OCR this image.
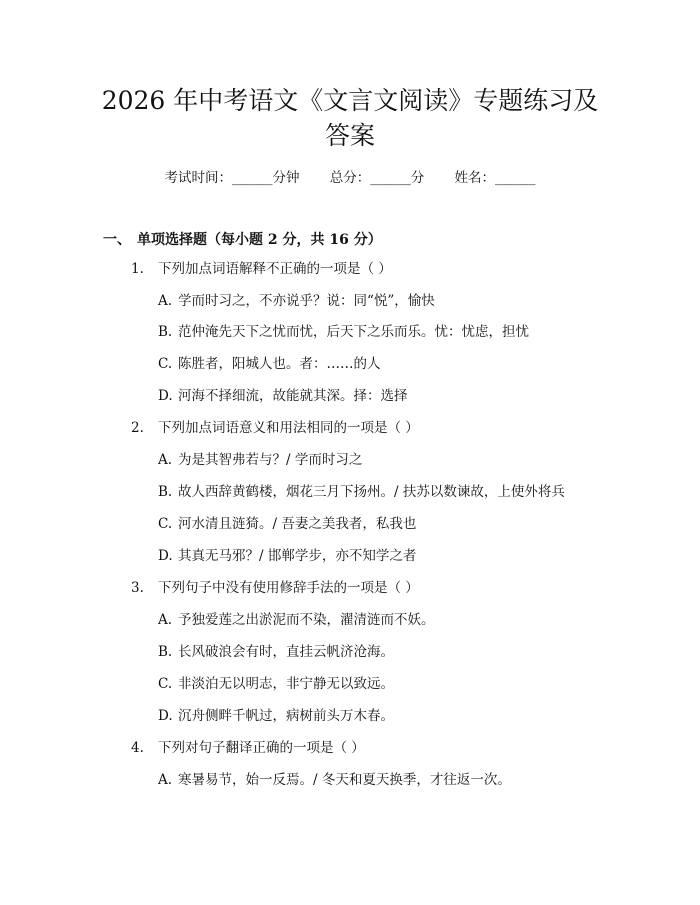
2026 年中考语文《文言文阅读》专题练习及
答案
考试时间：______分钟 总分：______分 姓名：______
一、 单项选择题（每小题 2 分，共 16 分）
1. 下列加点词语解释不正确的一项是（ ）
A. 学而时习之，不亦说乎？说：同“悦”，愉快
B. 范仲淹先天下之忧而忧，后天下之乐而乐。忧：忧虑，担忧
C. 陈胜者，阳城人也。者：……的人
D. 河海不择细流，故能就其深。择：选择
2. 下列加点词语意义和用法相同的一项是（ ）
A. 为是其智弗若与？/ 学而时习之
B. 故人西辞黄鹤楼，烟花三月下扬州。/ 扶苏以数谏故，上使外将兵
C. 河水清且涟猗。/ 吾妻之美我者，私我也
D. 其真无马邪？/ 邯郸学步，亦不知学之者
3. 下列句子中没有使用修辞手法的一项是（ ）
A. 予独爱莲之出淤泥而不染，濯清涟而不妖。
B. 长风破浪会有时，直挂云帆济沧海。
C. 非淡泊无以明志，非宁静无以致远。
D. 沉舟侧畔千帆过，病树前头万木春。
4. 下列对句子翻译正确的一项是（ ）
A. 寒暑易节，始一反焉。/ 冬天和夏天换季，才往返一次。
